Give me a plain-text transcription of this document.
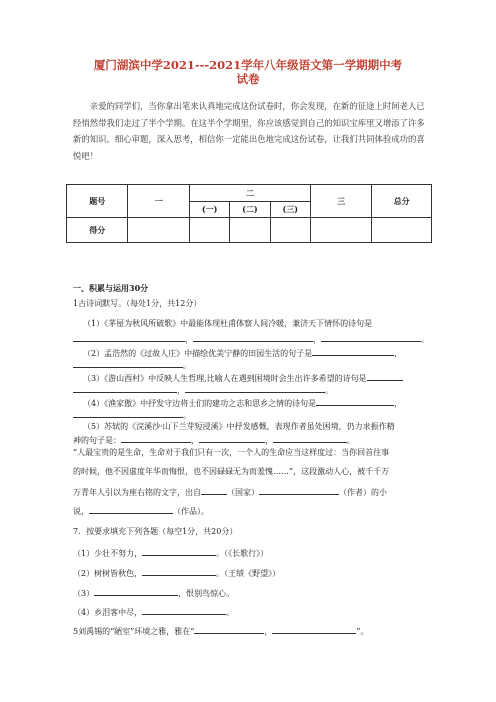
厦门湖滨中学2021---2021学年八年级语文第一学期期中考
试卷
亲爱的同学们，当你拿出笔来认真地完成这份试卷时，你会发现，在新的征途上时间老人已经悄然带我们走过了半个学期。在这半个学期里，你应该感觉到自己的知识宝库里又增添了许多新的知识。细心审题，深入思考，相信你一定能出色地完成这份试卷，让我们共同体验成功的喜悦吧！
题号	一	二			三	总分
		(一)	(二)	(三)		
得分						
一、积累与运用30分
1古诗词默写。（每处1分，共12分）
（1）《茅屋为秋风所破歌》中最能体现杜甫体察人间冷暖，兼济天下情怀的诗句是
，	，	。
（2）孟浩然的《过故人庄》中描绘优美宁静的田园生活的句子是	，
。
（3）《游山西村》中反映人生哲理,比喻人在遇到困境时会生出许多希望的诗句是
，	。
（4）《渔家傲》中抒发守边将士们的建功之志和思乡之情的诗句是	，
。
（5）苏轼的《浣溪沙·山下兰芽短浸溪》中抒发感慨，表现作者虽处困境，仍力求振作精
神的句子是：	，	，	。
“人最宝贵的是生命，生命对于我们只有一次，一个人的生命应当这样度过：当你回首往事
的时候，他不因虚度年华而悔恨，也不因碌碌无为而羞愧……”，这段激动人心，被千千万
万青年人引以为座右铭的文字，出自	（国家）	（作者）的小
说，	（作品）。
7．按要求填充下列各题（每空1分，共20分）
（1）少壮不努力，	。（《长歌行》）
（2）树树皆秋色，	。（王绩《野望》）
（3）	，恨别鸟惊心。
（4）乡泪客中尽，	。
5刘禹锡的“陋室”环境之雅，雅在“	，	”。
